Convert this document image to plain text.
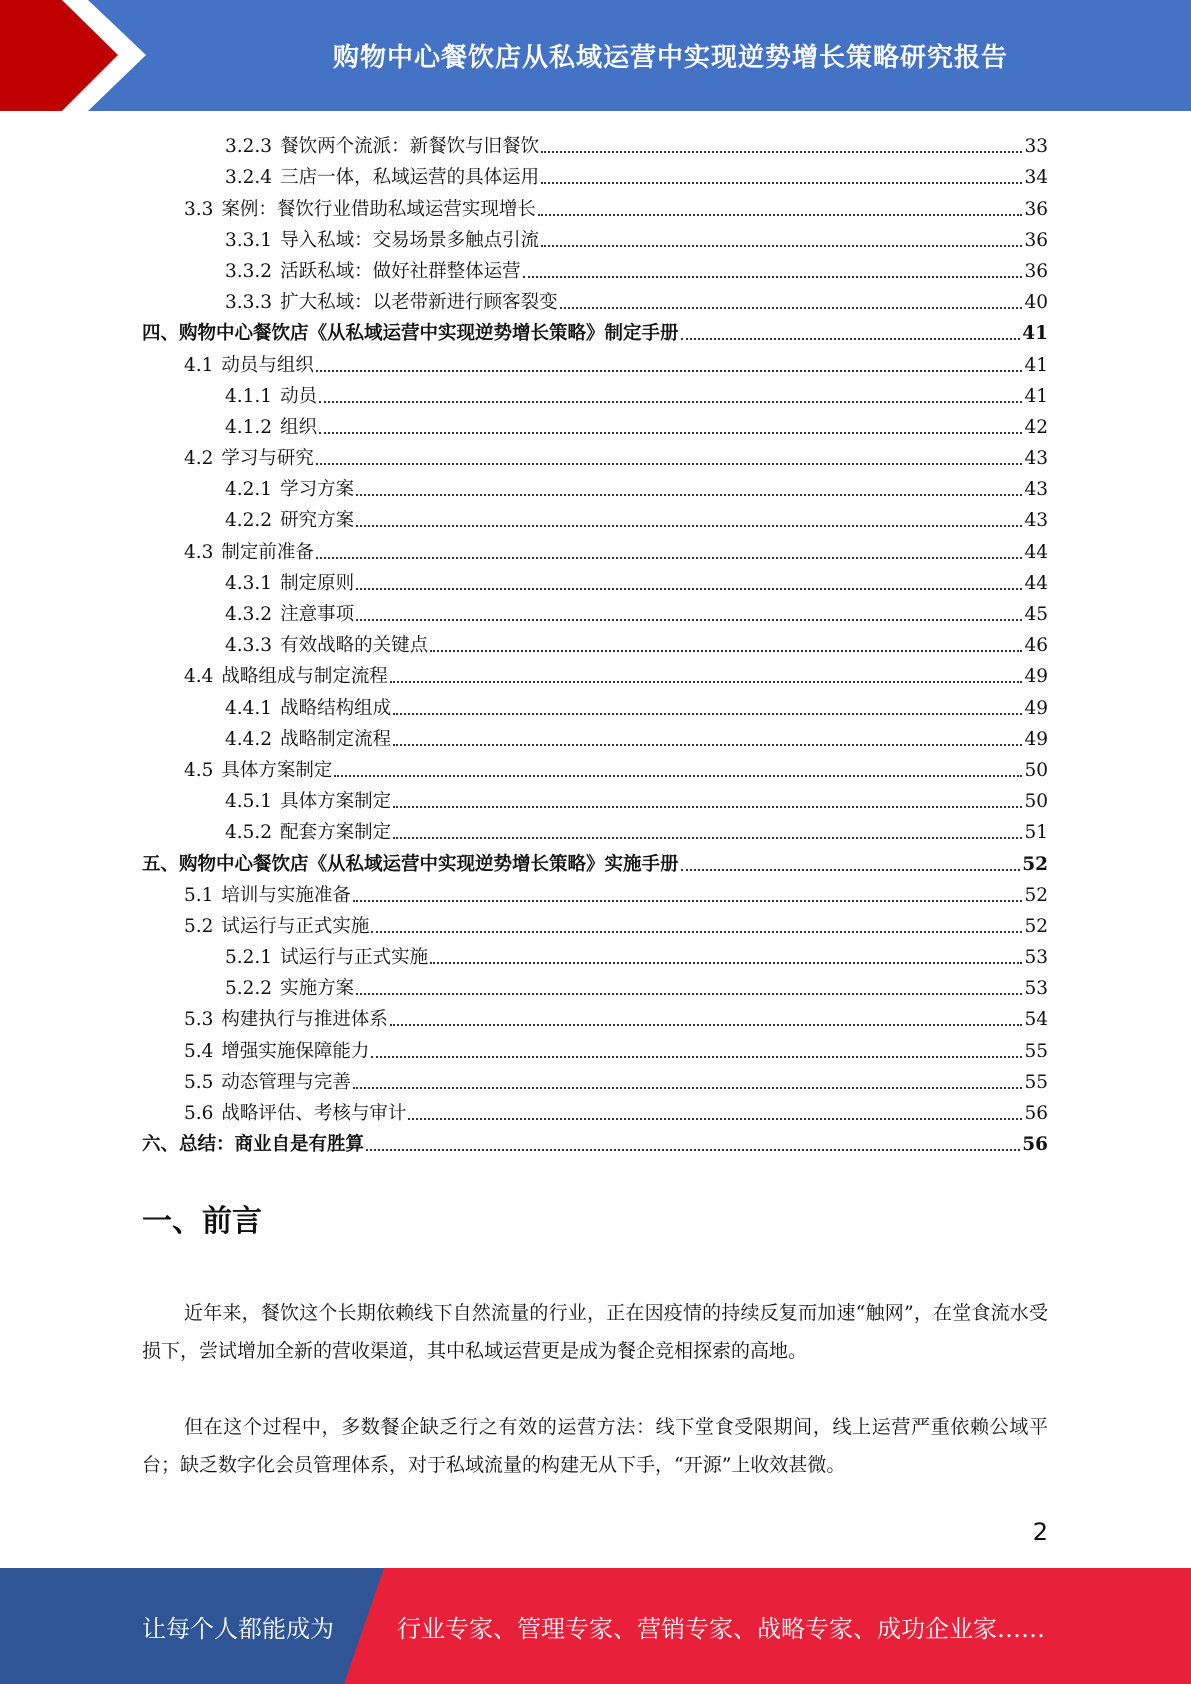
购物中心餐饮店从私域运营中实现逆势增长策略研究报告
3.2.3 餐饮两个流派：新餐饮与旧餐饮	33
3.2.4 三店一体，私域运营的具体运用	34
3.3 案例：餐饮行业借助私域运营实现增长	36
3.3.1 导入私域：交易场景多触点引流	36
3.3.2 活跃私域：做好社群整体运营	36
3.3.3 扩大私域：以老带新进行顾客裂变	40
四、购物中心餐饮店《从私域运营中实现逆势增长策略》制定手册	41
4.1 动员与组织	41
4.1.1 动员	41
4.1.2 组织	42
4.2 学习与研究	43
4.2.1 学习方案	43
4.2.2 研究方案	43
4.3 制定前准备	44
4.3.1 制定原则	44
4.3.2 注意事项	45
4.3.3 有效战略的关键点	46
4.4 战略组成与制定流程	49
4.4.1 战略结构组成	49
4.4.2 战略制定流程	49
4.5 具体方案制定	50
4.5.1 具体方案制定	50
4.5.2 配套方案制定	51
五、购物中心餐饮店《从私域运营中实现逆势增长策略》实施手册	52
5.1 培训与实施准备	52
5.2 试运行与正式实施	52
5.2.1 试运行与正式实施	53
5.2.2 实施方案	53
5.3 构建执行与推进体系	54
5.4 增强实施保障能力	55
5.5 动态管理与完善	55
5.6 战略评估、考核与审计	56
六、总结：商业自是有胜算	56
一、前言

近年来，餐饮这个长期依赖线下自然流量的行业，正在因疫情的持续反复而加速“触网”，在堂食流水受损下，尝试增加全新的营收渠道，其中私域运营更是成为餐企竞相探索的高地。

但在这个过程中，多数餐企缺乏行之有效的运营方法：线下堂食受限期间，线上运营严重依赖公域平台；缺乏数字化会员管理体系，对于私域流量的构建无从下手，“开源”上收效甚微。

2
让每个人都能成为	行业专家、管理专家、营销专家、战略专家、成功企业家……
